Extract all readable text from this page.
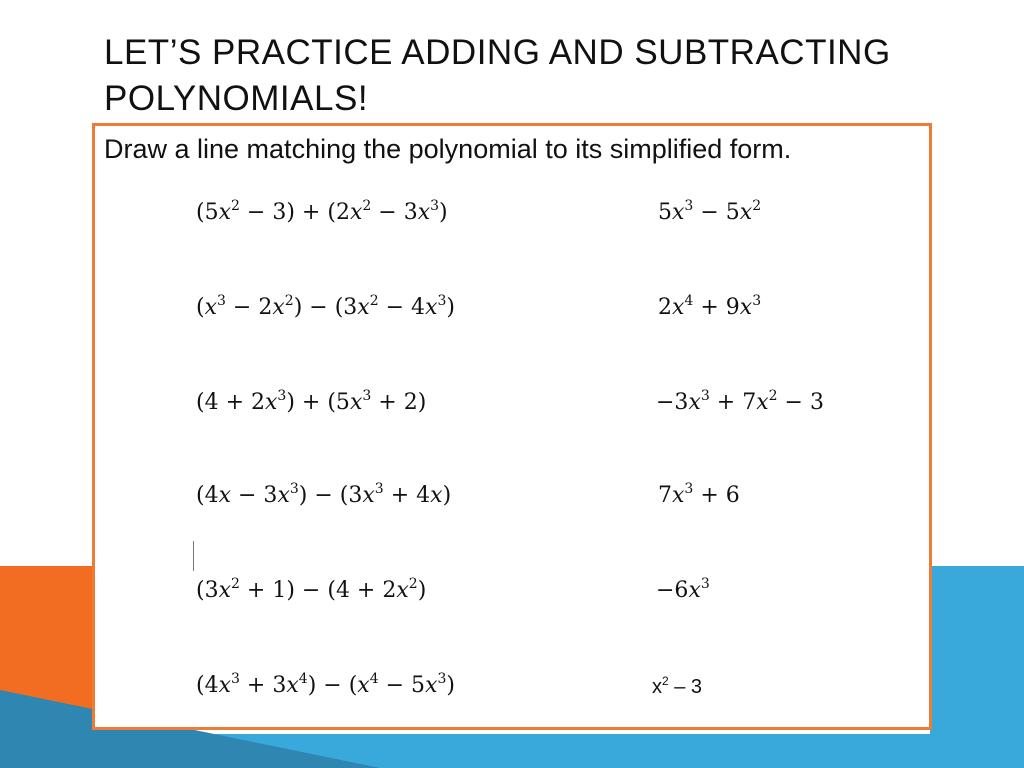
LET’S PRACTICE ADDING AND SUBTRACTING POLYNOMIALS!
Draw a line matching the polynomial to its simplified form.
$(5x^2 - 3) + (2x^2 - 3x^3)$
$(x^3 - 2x^2) - (3x^2 - 4x^3)$
$(4 + 2x^3) + (5x^3 + 2)$
$(4x - 3x^3) - (3x^3 + 4x)$
$(3x^2 + 1) - (4 + 2x^2)$
$(4x^3 + 3x^4) - (x^4 - 5x^3)$
$5x^3 - 5x^2$
$2x^4 + 9x^3$
$-3x^3 + 7x^2 - 3$
$7x^3 + 6$
$-6x^3$
$x^2 - 3$
